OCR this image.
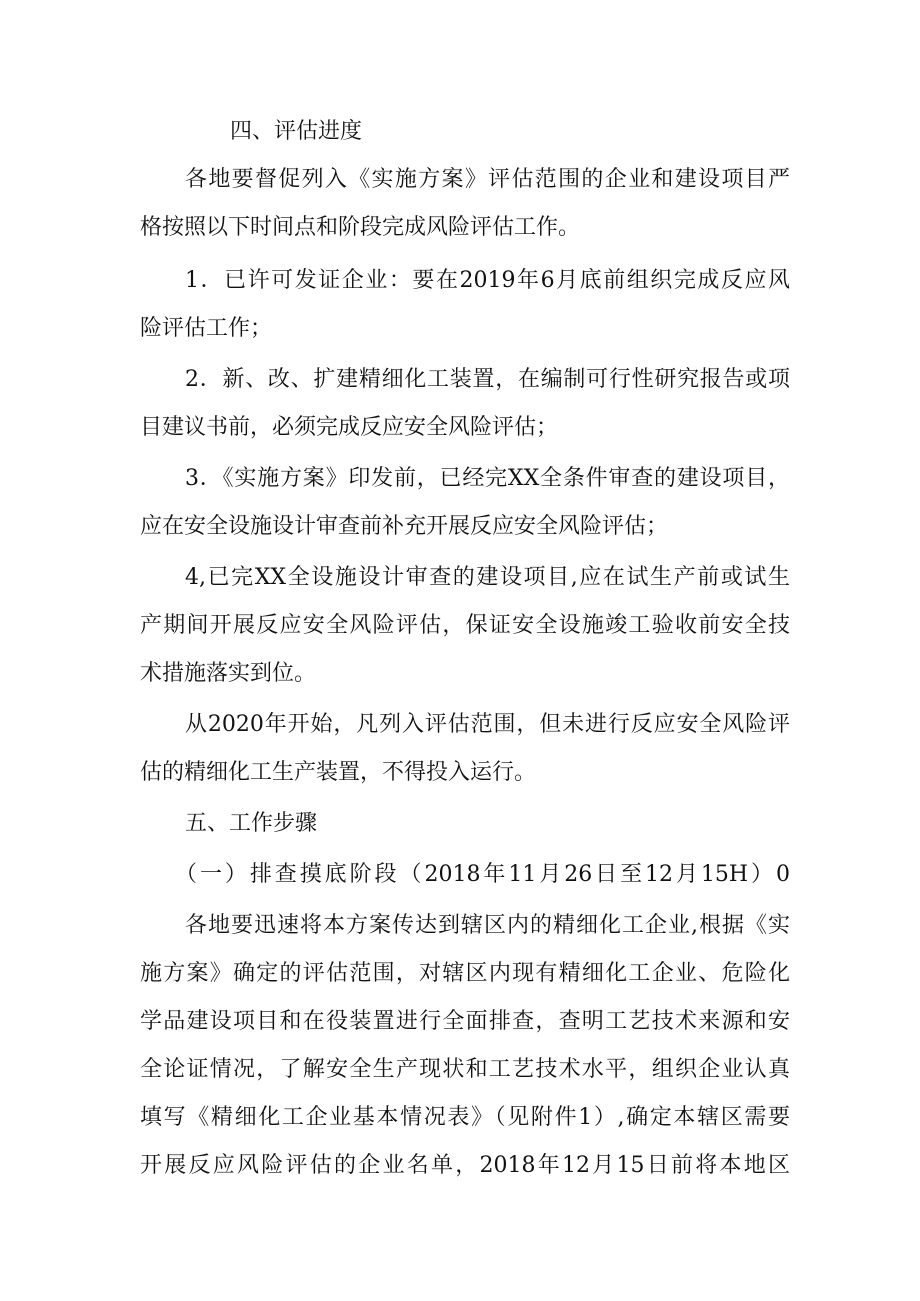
四、评估进度
各地要督促列入《实施方案》评估范围的企业和建设项目严
格按照以下时间点和阶段完成风险评估工作。
1．已许可发证企业：要在2019年6月底前组织完成反应风
险评估工作；
2．新、改、扩建精细化工装置，在编制可行性研究报告或项
目建议书前，必须完成反应安全风险评估；
3．《实施方案》印发前，已经完XX全条件审查的建设项目，
应在安全设施设计审查前补充开展反应安全风险评估；
4,已完XX全设施设计审查的建设项目,应在试生产前或试生
产期间开展反应安全风险评估，保证安全设施竣工验收前安全技
术措施落实到位。
从2020年开始，凡列入评估范围，但未进行反应安全风险评
估的精细化工生产装置，不得投入运行。
五、工作步骤
（一）排查摸底阶段（2018年11月26日至12月15H）0
各地要迅速将本方案传达到辖区内的精细化工企业,根据《实
施方案》确定的评估范围，对辖区内现有精细化工企业、危险化
学品建设项目和在役装置进行全面排查，查明工艺技术来源和安
全论证情况，了解安全生产现状和工艺技术水平，组织企业认真
填写《精细化工企业基本情况表》（见附件1）,确定本辖区需要
开展反应风险评估的企业名单，2018年12月15日前将本地区
